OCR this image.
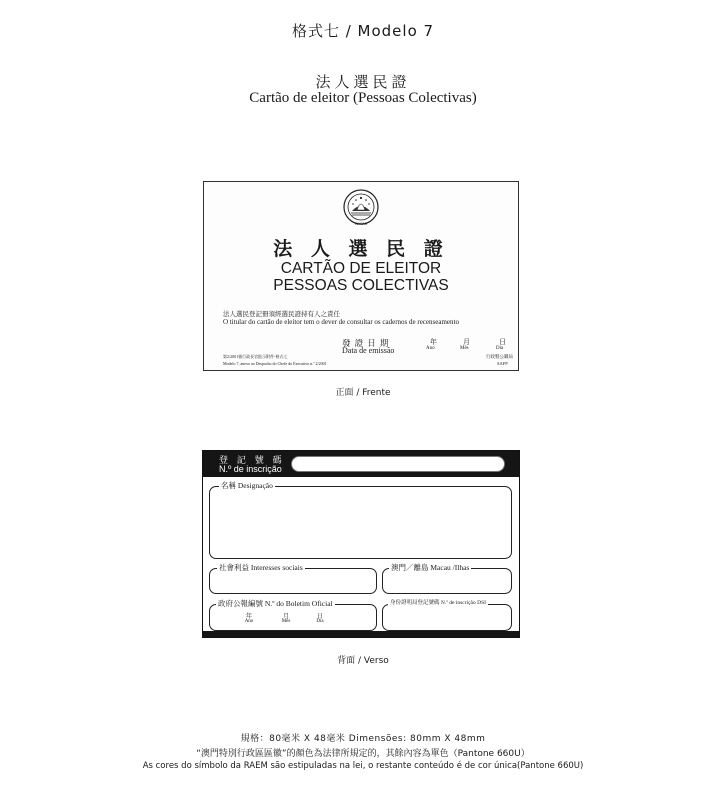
格式七 / Modelo 7
法人選民證
Cartão de eleitor (Pessoas Colectivas)
MACAU
法 人 選 民 證
CARTÃO DE ELEITOR
PESSOAS COLECTIVAS
法人選民登記冊須經選民證持有人之責任
O titular do cartão de eleitor tem o dever de consultar os cadernos de recenseamento
發 證 日 期
Data de emissão
年
Ano
月
Mês
日
Dia
第2/2001號行政長官批示附件-格式七
Modelo 7, anexo ao Despacho do Chefe do Executivo n.º 2/2001
行政暨公職局
SAFP
正面 / Frente
登 記 號 碼
N.º de inscrição
名稱 Designação
社會利益 Interesses sociais	澳門／離島 Macau /Ilhas
政府公報編號 N.º do Boletim Oficial	身份證明局登記號碼 N.º de inscrição DSI
年
Ano
月
Mês
日
Dia
背面 / Verso
規格：80毫米 X 48毫米 Dimensões: 80mm X 48mm
“澳門特別行政區區徽”的顏色為法律所規定的，其餘內容為單色（Pantone 660U）
As cores do símbolo da RAEM são estipuladas na lei, o restante conteúdo é de cor única(Pantone 660U)
